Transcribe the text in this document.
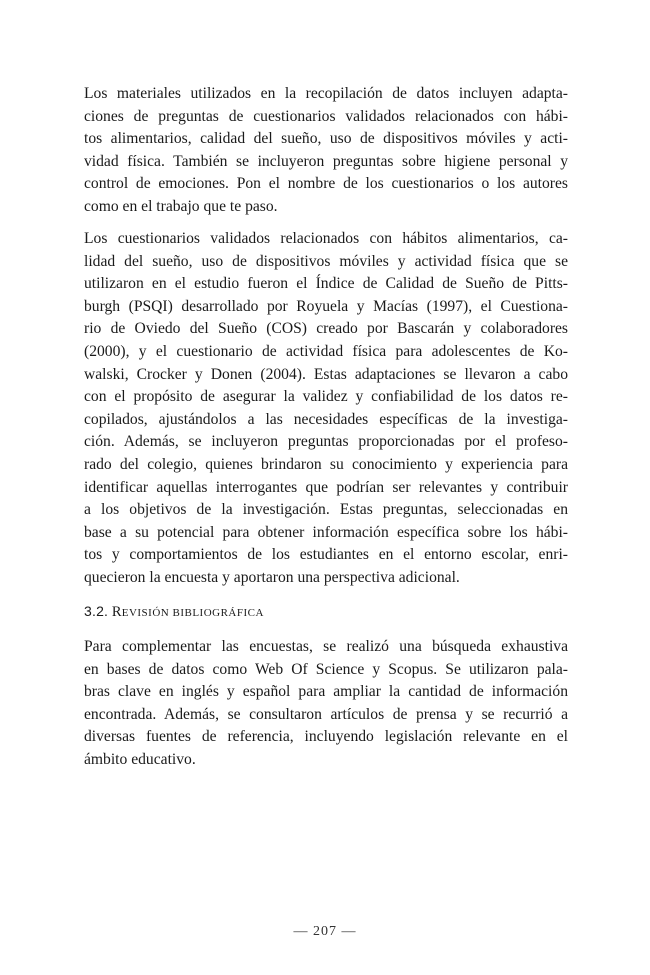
Los materiales utilizados en la recopilación de datos incluyen adapta-
ciones de preguntas de cuestionarios validados relacionados con hábi-
tos alimentarios, calidad del sueño, uso de dispositivos móviles y acti-
vidad física. También se incluyeron preguntas sobre higiene personal y
control de emociones. Pon el nombre de los cuestionarios o los autores
como en el trabajo que te paso.
Los cuestionarios validados relacionados con hábitos alimentarios, ca-
lidad del sueño, uso de dispositivos móviles y actividad física que se
utilizaron en el estudio fueron el Índice de Calidad de Sueño de Pitts-
burgh (PSQI) desarrollado por Royuela y Macías (1997), el Cuestiona-
rio de Oviedo del Sueño (COS) creado por Bascarán y colaboradores
(2000), y el cuestionario de actividad física para adolescentes de Ko-
walski, Crocker y Donen (2004). Estas adaptaciones se llevaron a cabo
con el propósito de asegurar la validez y confiabilidad de los datos re-
copilados, ajustándolos a las necesidades específicas de la investiga-
ción. Además, se incluyeron preguntas proporcionadas por el profeso-
rado del colegio, quienes brindaron su conocimiento y experiencia para
identificar aquellas interrogantes que podrían ser relevantes y contribuir
a los objetivos de la investigación. Estas preguntas, seleccionadas en
base a su potencial para obtener información específica sobre los hábi-
tos y comportamientos de los estudiantes en el entorno escolar, enri-
quecieron la encuesta y aportaron una perspectiva adicional.
3.2. REVISIÓN BIBLIOGRÁFICA
Para complementar las encuestas, se realizó una búsqueda exhaustiva
en bases de datos como Web Of Science y Scopus. Se utilizaron pala-
bras clave en inglés y español para ampliar la cantidad de información
encontrada. Además, se consultaron artículos de prensa y se recurrió a
diversas fuentes de referencia, incluyendo legislación relevante en el
ámbito educativo.
— 207 —
